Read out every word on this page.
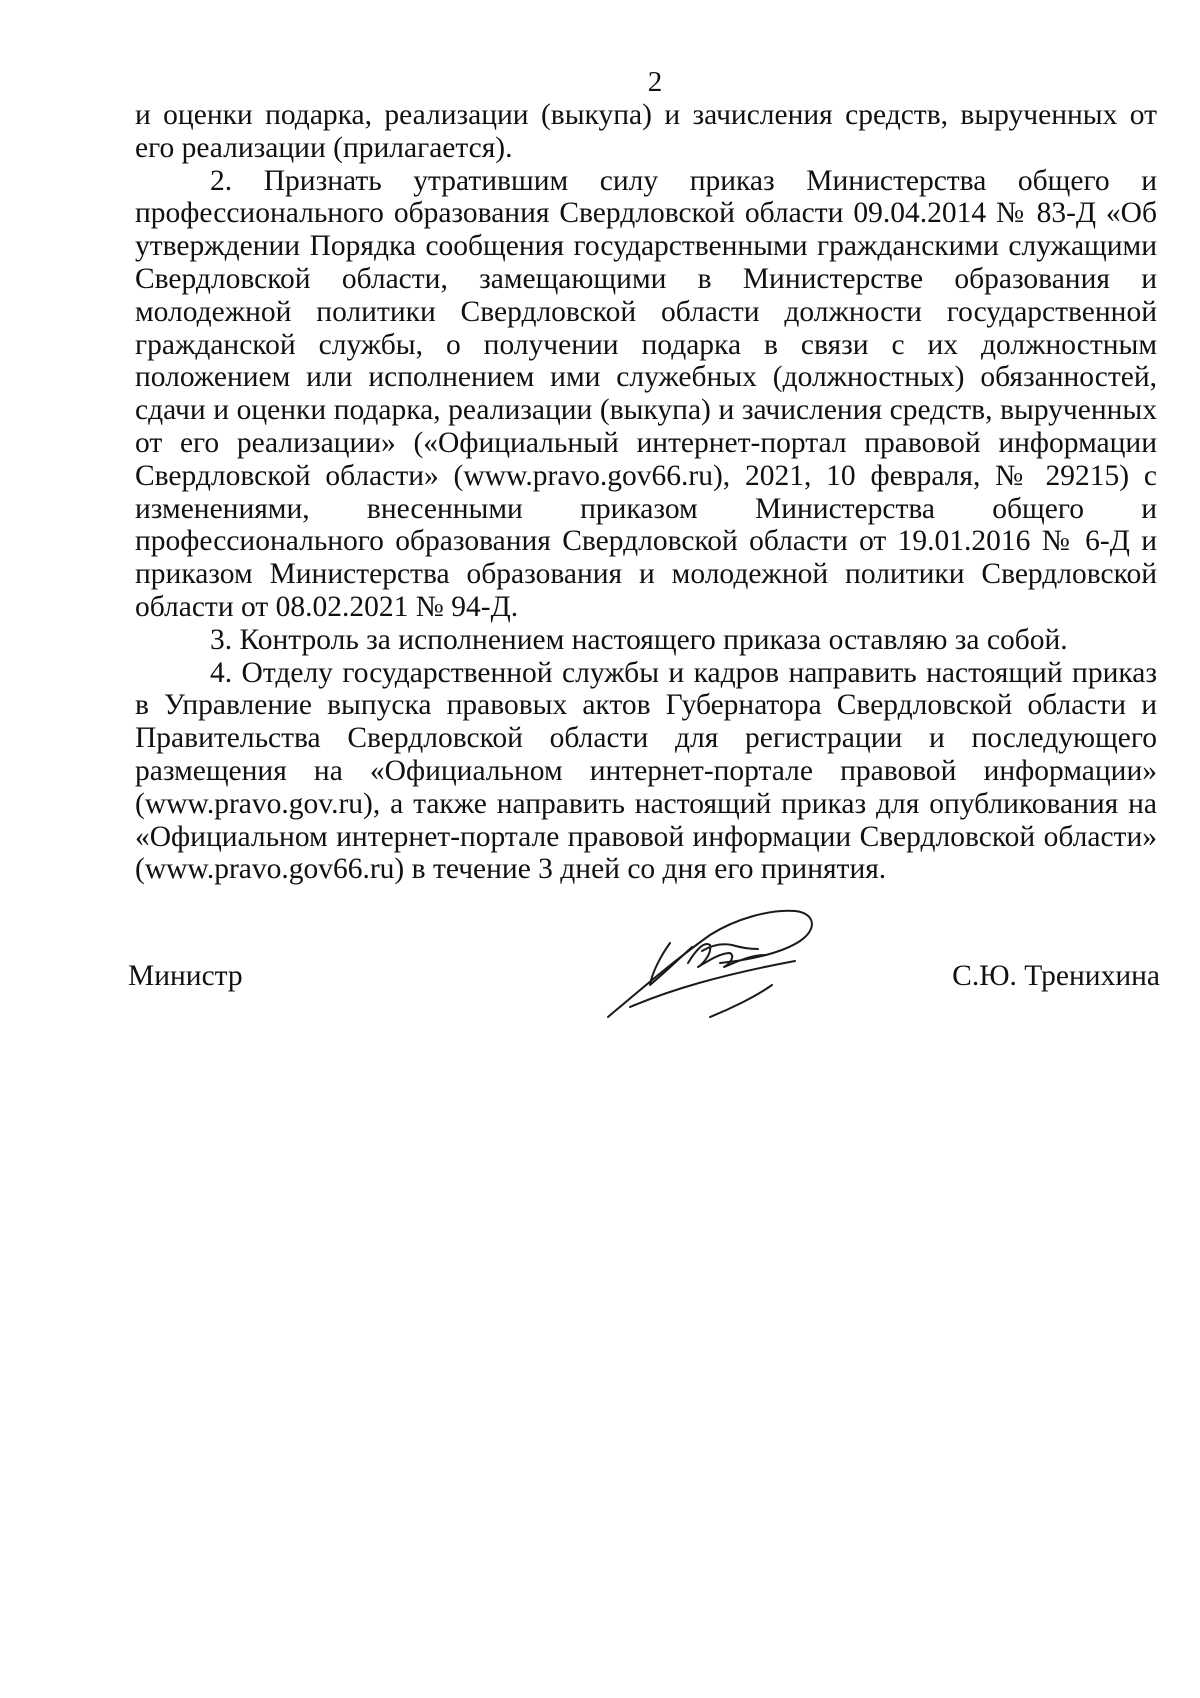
2

и оценки подарка, реализации (выкупа) и зачисления средств, вырученных от его реализации (прилагается).

2. Признать утратившим силу приказ Министерства общего и профессионального образования Свердловской области 09.04.2014 № 83-Д «Об утверждении Порядка сообщения государственными гражданскими служащими Свердловской области, замещающими в Министерстве образования и молодежной политики Свердловской области должности государственной гражданской службы, о получении подарка в связи с их должностным положением или исполнением ими служебных (должностных) обязанностей, сдачи и оценки подарка, реализации (выкупа) и зачисления средств, вырученных от его реализации» («Официальный интернет-портал правовой информации Свердловской области» (www.pravo.gov66.ru), 2021, 10 февраля, № 29215) с изменениями, внесенными приказом Министерства общего и профессионального образования Свердловской области от 19.01.2016 № 6-Д и приказом Министерства образования и молодежной политики Свердловской области от 08.02.2021 № 94-Д.

3. Контроль за исполнением настоящего приказа оставляю за собой.

4. Отделу государственной службы и кадров направить настоящий приказ в Управление выпуска правовых актов Губернатора Свердловской области и Правительства Свердловской области для регистрации и последующего размещения на «Официальном интернет-портале правовой информации» (www.pravo.gov.ru), а также направить настоящий приказ для опубликования на «Официальном интернет-портале правовой информации Свердловской области» (www.pravo.gov66.ru) в течение 3 дней со дня его принятия.

Министр	С.Ю. Тренихина
